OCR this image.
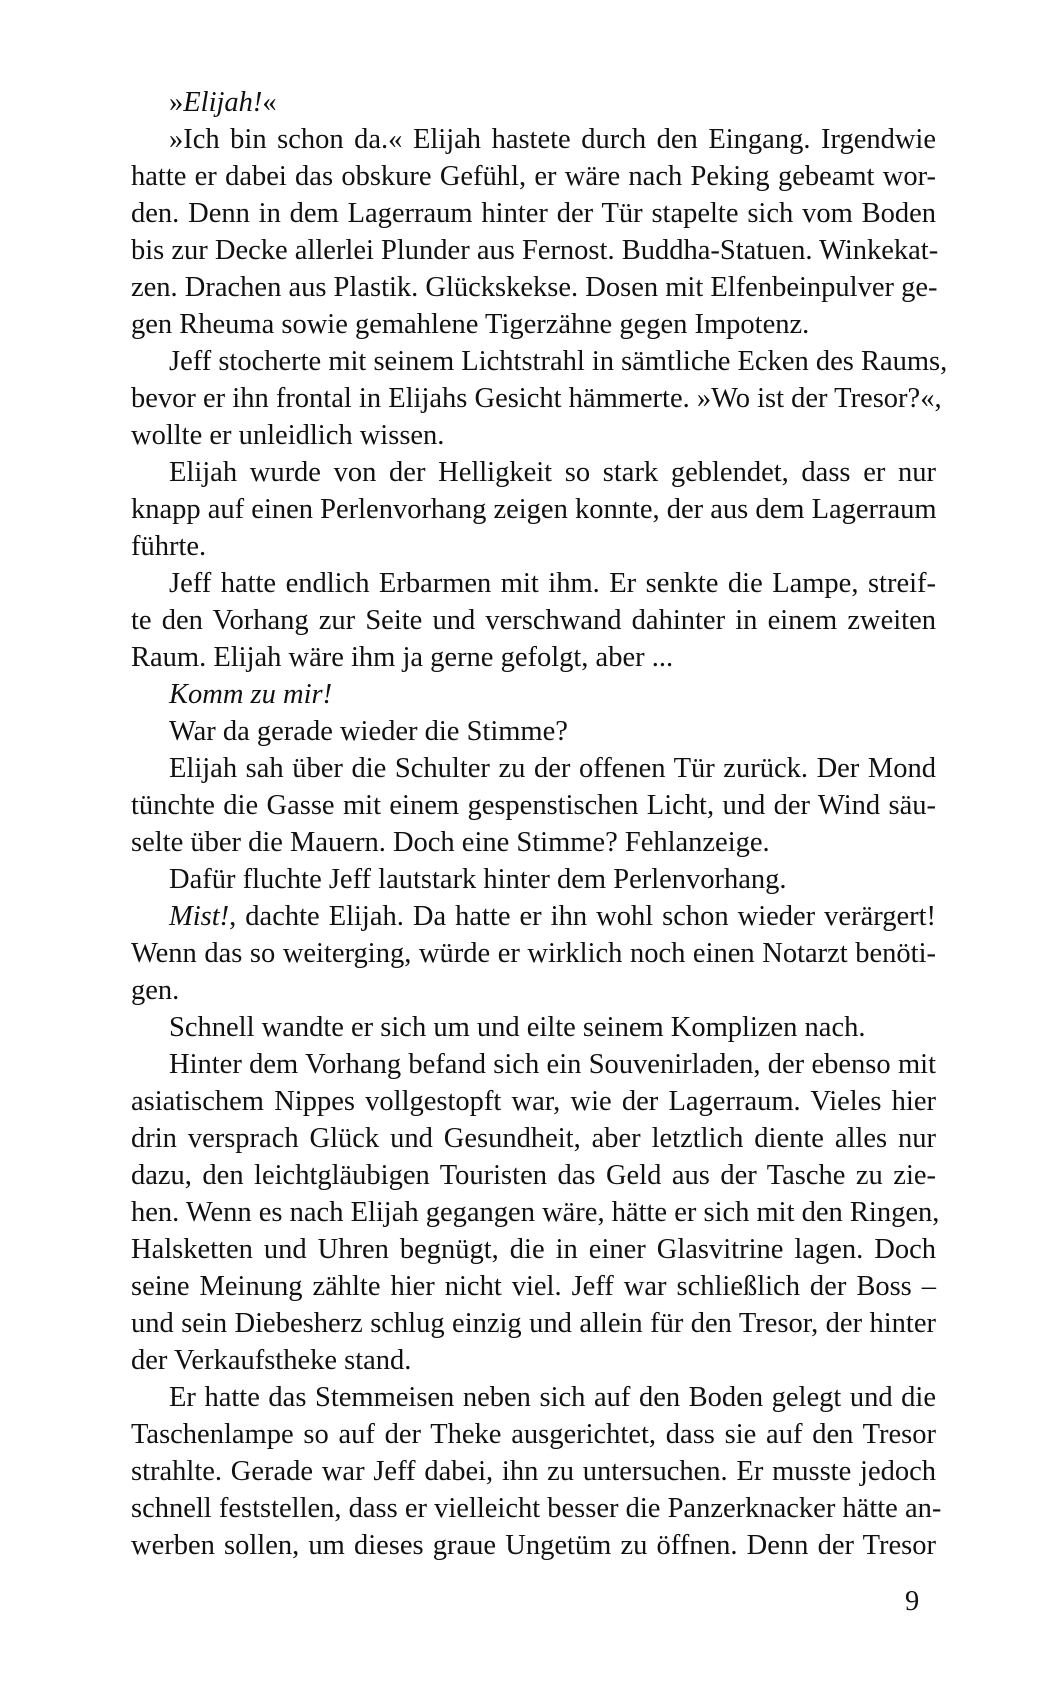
»Elijah!«
»Ich bin schon da.« Elijah hastete durch den Eingang. Irgendwie
hatte er dabei das obskure Gefühl, er wäre nach Peking gebeamt wor-
den. Denn in dem Lagerraum hinter der Tür stapelte sich vom Boden
bis zur Decke allerlei Plunder aus Fernost. Buddha-Statuen. Winkekat-
zen. Drachen aus Plastik. Glückskekse. Dosen mit Elfenbeinpulver ge-
gen Rheuma sowie gemahlene Tigerzähne gegen Impotenz.
Jeff stocherte mit seinem Lichtstrahl in sämtliche Ecken des Raums,
bevor er ihn frontal in Elijahs Gesicht hämmerte. »Wo ist der Tresor?«,
wollte er unleidlich wissen.
Elijah wurde von der Helligkeit so stark geblendet, dass er nur
knapp auf einen Perlenvorhang zeigen konnte, der aus dem Lagerraum
führte.
Jeff hatte endlich Erbarmen mit ihm. Er senkte die Lampe, streif-
te den Vorhang zur Seite und verschwand dahinter in einem zweiten
Raum. Elijah wäre ihm ja gerne gefolgt, aber ...
Komm zu mir!
War da gerade wieder die Stimme?
Elijah sah über die Schulter zu der offenen Tür zurück. Der Mond
tünchte die Gasse mit einem gespenstischen Licht, und der Wind säu-
selte über die Mauern. Doch eine Stimme? Fehlanzeige.
Dafür fluchte Jeff lautstark hinter dem Perlenvorhang.
Mist!, dachte Elijah. Da hatte er ihn wohl schon wieder verärgert!
Wenn das so weiterging, würde er wirklich noch einen Notarzt benöti-
gen.
Schnell wandte er sich um und eilte seinem Komplizen nach.
Hinter dem Vorhang befand sich ein Souvenirladen, der ebenso mit
asiatischem Nippes vollgestopft war, wie der Lagerraum. Vieles hier
drin versprach Glück und Gesundheit, aber letztlich diente alles nur
dazu, den leichtgläubigen Touristen das Geld aus der Tasche zu zie-
hen. Wenn es nach Elijah gegangen wäre, hätte er sich mit den Ringen,
Halsketten und Uhren begnügt, die in einer Glasvitrine lagen. Doch
seine Meinung zählte hier nicht viel. Jeff war schließlich der Boss –
und sein Diebesherz schlug einzig und allein für den Tresor, der hinter
der Verkaufstheke stand.
Er hatte das Stemmeisen neben sich auf den Boden gelegt und die
Taschenlampe so auf der Theke ausgerichtet, dass sie auf den Tresor
strahlte. Gerade war Jeff dabei, ihn zu untersuchen. Er musste jedoch
schnell feststellen, dass er vielleicht besser die Panzerknacker hätte an-
werben sollen, um dieses graue Ungetüm zu öffnen. Denn der Tresor
9
